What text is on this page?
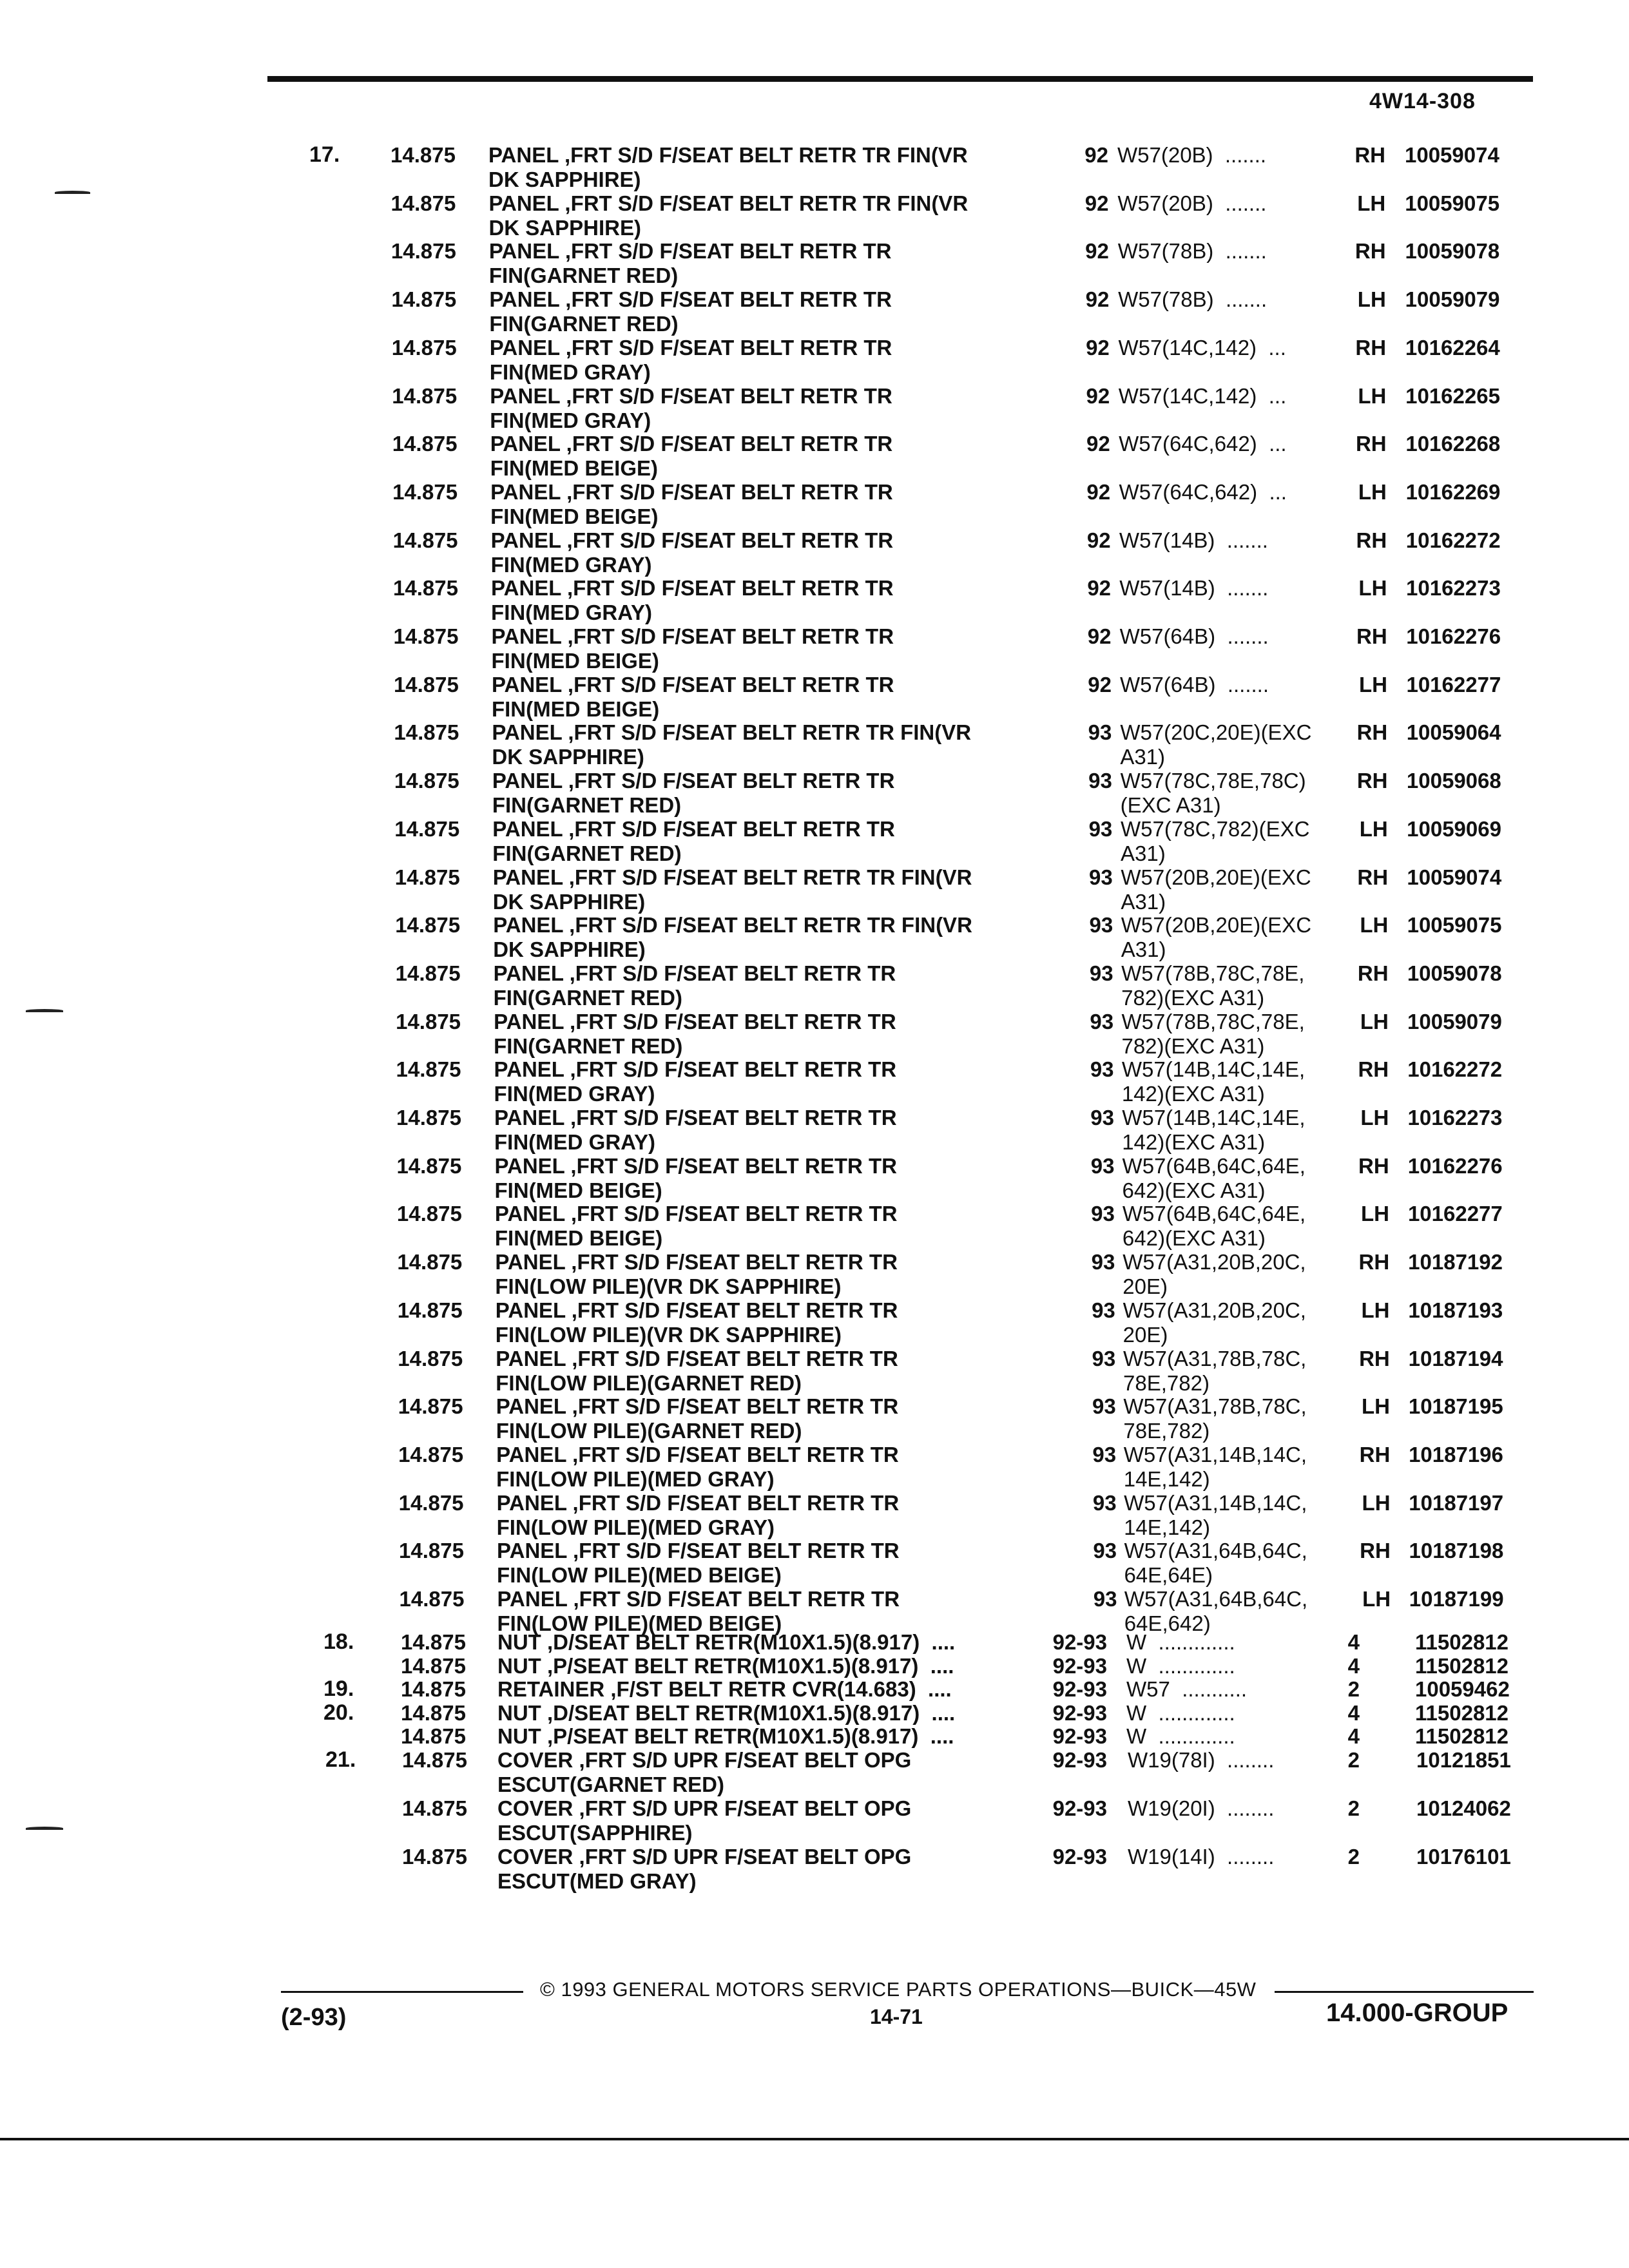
4W14-308
17. 14.875 PANEL ,FRT S/D F/SEAT BELT RETR TR FIN(VR
DK SAPPHIRE)
92 W57(20B)  .......	RH 10059074
14.875 PANEL ,FRT S/D F/SEAT BELT RETR TR FIN(VR
DK SAPPHIRE)
92 W57(20B)  .......	LH 10059075
14.875 PANEL ,FRT S/D F/SEAT BELT RETR TR
FIN(GARNET RED)
92 W57(78B)  .......	RH 10059078
14.875 PANEL ,FRT S/D F/SEAT BELT RETR TR
FIN(GARNET RED)
92 W57(78B)  .......	LH 10059079
14.875 PANEL ,FRT S/D F/SEAT BELT RETR TR
FIN(MED GRAY)
92 W57(14C,142)  ...	RH 10162264
14.875 PANEL ,FRT S/D F/SEAT BELT RETR TR
FIN(MED GRAY)
92 W57(14C,142)  ...	LH 10162265
14.875 PANEL ,FRT S/D F/SEAT BELT RETR TR
FIN(MED BEIGE)
92 W57(64C,642)  ...	RH 10162268
14.875 PANEL ,FRT S/D F/SEAT BELT RETR TR
FIN(MED BEIGE)
92 W57(64C,642)  ...	LH 10162269
14.875 PANEL ,FRT S/D F/SEAT BELT RETR TR
FIN(MED GRAY)
92 W57(14B)  .......	RH 10162272
14.875 PANEL ,FRT S/D F/SEAT BELT RETR TR
FIN(MED GRAY)
92 W57(14B)  .......	LH 10162273
14.875 PANEL ,FRT S/D F/SEAT BELT RETR TR
FIN(MED BEIGE)
92 W57(64B)  .......	RH 10162276
14.875 PANEL ,FRT S/D F/SEAT BELT RETR TR
FIN(MED BEIGE)
92 W57(64B)  .......	LH 10162277
14.875 PANEL ,FRT S/D F/SEAT BELT RETR TR FIN(VR
DK SAPPHIRE)
93 W57(20C,20E)(EXC
A31)
RH 10059064
14.875 PANEL ,FRT S/D F/SEAT BELT RETR TR
FIN(GARNET RED)
93 W57(78C,78E,78C)
(EXC A31)
RH 10059068
14.875 PANEL ,FRT S/D F/SEAT BELT RETR TR
FIN(GARNET RED)
93 W57(78C,782)(EXC
A31)
LH 10059069
14.875 PANEL ,FRT S/D F/SEAT BELT RETR TR FIN(VR
DK SAPPHIRE)
93 W57(20B,20E)(EXC
A31)
RH 10059074
14.875 PANEL ,FRT S/D F/SEAT BELT RETR TR FIN(VR
DK SAPPHIRE)
93 W57(20B,20E)(EXC
A31)
LH 10059075
14.875 PANEL ,FRT S/D F/SEAT BELT RETR TR
FIN(GARNET RED)
93 W57(78B,78C,78E,
782)(EXC A31)
RH 10059078
14.875 PANEL ,FRT S/D F/SEAT BELT RETR TR
FIN(GARNET RED)
93 W57(78B,78C,78E,
782)(EXC A31)
LH 10059079
14.875 PANEL ,FRT S/D F/SEAT BELT RETR TR
FIN(MED GRAY)
93 W57(14B,14C,14E,
142)(EXC A31)
RH 10162272
14.875 PANEL ,FRT S/D F/SEAT BELT RETR TR
FIN(MED GRAY)
93 W57(14B,14C,14E,
142)(EXC A31)
LH 10162273
14.875 PANEL ,FRT S/D F/SEAT BELT RETR TR
FIN(MED BEIGE)
93 W57(64B,64C,64E,
642)(EXC A31)
RH 10162276
14.875 PANEL ,FRT S/D F/SEAT BELT RETR TR
FIN(MED BEIGE)
93 W57(64B,64C,64E,
642)(EXC A31)
LH 10162277
14.875 PANEL ,FRT S/D F/SEAT BELT RETR TR
FIN(LOW PILE)(VR DK SAPPHIRE)
93 W57(A31,20B,20C,
20E)
RH 10187192
14.875 PANEL ,FRT S/D F/SEAT BELT RETR TR
FIN(LOW PILE)(VR DK SAPPHIRE)
93 W57(A31,20B,20C,
20E)
LH 10187193
14.875 PANEL ,FRT S/D F/SEAT BELT RETR TR
FIN(LOW PILE)(GARNET RED)
93 W57(A31,78B,78C,
78E,782)
RH 10187194
14.875 PANEL ,FRT S/D F/SEAT BELT RETR TR
FIN(LOW PILE)(GARNET RED)
93 W57(A31,78B,78C,
78E,782)
LH 10187195
14.875 PANEL ,FRT S/D F/SEAT BELT RETR TR
FIN(LOW PILE)(MED GRAY)
93 W57(A31,14B,14C,
14E,142)
RH 10187196
14.875 PANEL ,FRT S/D F/SEAT BELT RETR TR
FIN(LOW PILE)(MED GRAY)
93 W57(A31,14B,14C,
14E,142)
LH 10187197
14.875 PANEL ,FRT S/D F/SEAT BELT RETR TR
FIN(LOW PILE)(MED BEIGE)
93 W57(A31,64B,64C,
64E,64E)
RH 10187198
14.875 PANEL ,FRT S/D F/SEAT BELT RETR TR
FIN(LOW PILE)(MED BEIGE)
93 W57(A31,64B,64C,
64E,642)
LH 10187199
18. 14.875 NUT ,D/SEAT BELT RETR(M10X1.5)(8.917)  ....	92-93 W  .............	4	11502812
14.875 NUT ,P/SEAT BELT RETR(M10X1.5)(8.917)  ....	92-93 W  .............	4	11502812
19. 14.875 RETAINER ,F/ST BELT RETR CVR(14.683)  ....	92-93 W57  ...........	2	10059462
20. 14.875 NUT ,D/SEAT BELT RETR(M10X1.5)(8.917)  ....	92-93 W  .............	4	11502812
14.875 NUT ,P/SEAT BELT RETR(M10X1.5)(8.917)  ....	92-93 W  .............	4	11502812
21. 14.875 COVER ,FRT S/D UPR F/SEAT BELT OPG
ESCUT(GARNET RED)
92-93 W19(78I)  ........	2	10121851
14.875 COVER ,FRT S/D UPR F/SEAT BELT OPG
ESCUT(SAPPHIRE)
92-93 W19(20I)  ........	2	10124062
14.875 COVER ,FRT S/D UPR F/SEAT BELT OPG
ESCUT(MED GRAY)
92-93 W19(14I)  ........	2	10176101
© 1993 GENERAL MOTORS SERVICE PARTS OPERATIONS—BUICK—45W
(2-93)	14-71	14.000-GROUP
